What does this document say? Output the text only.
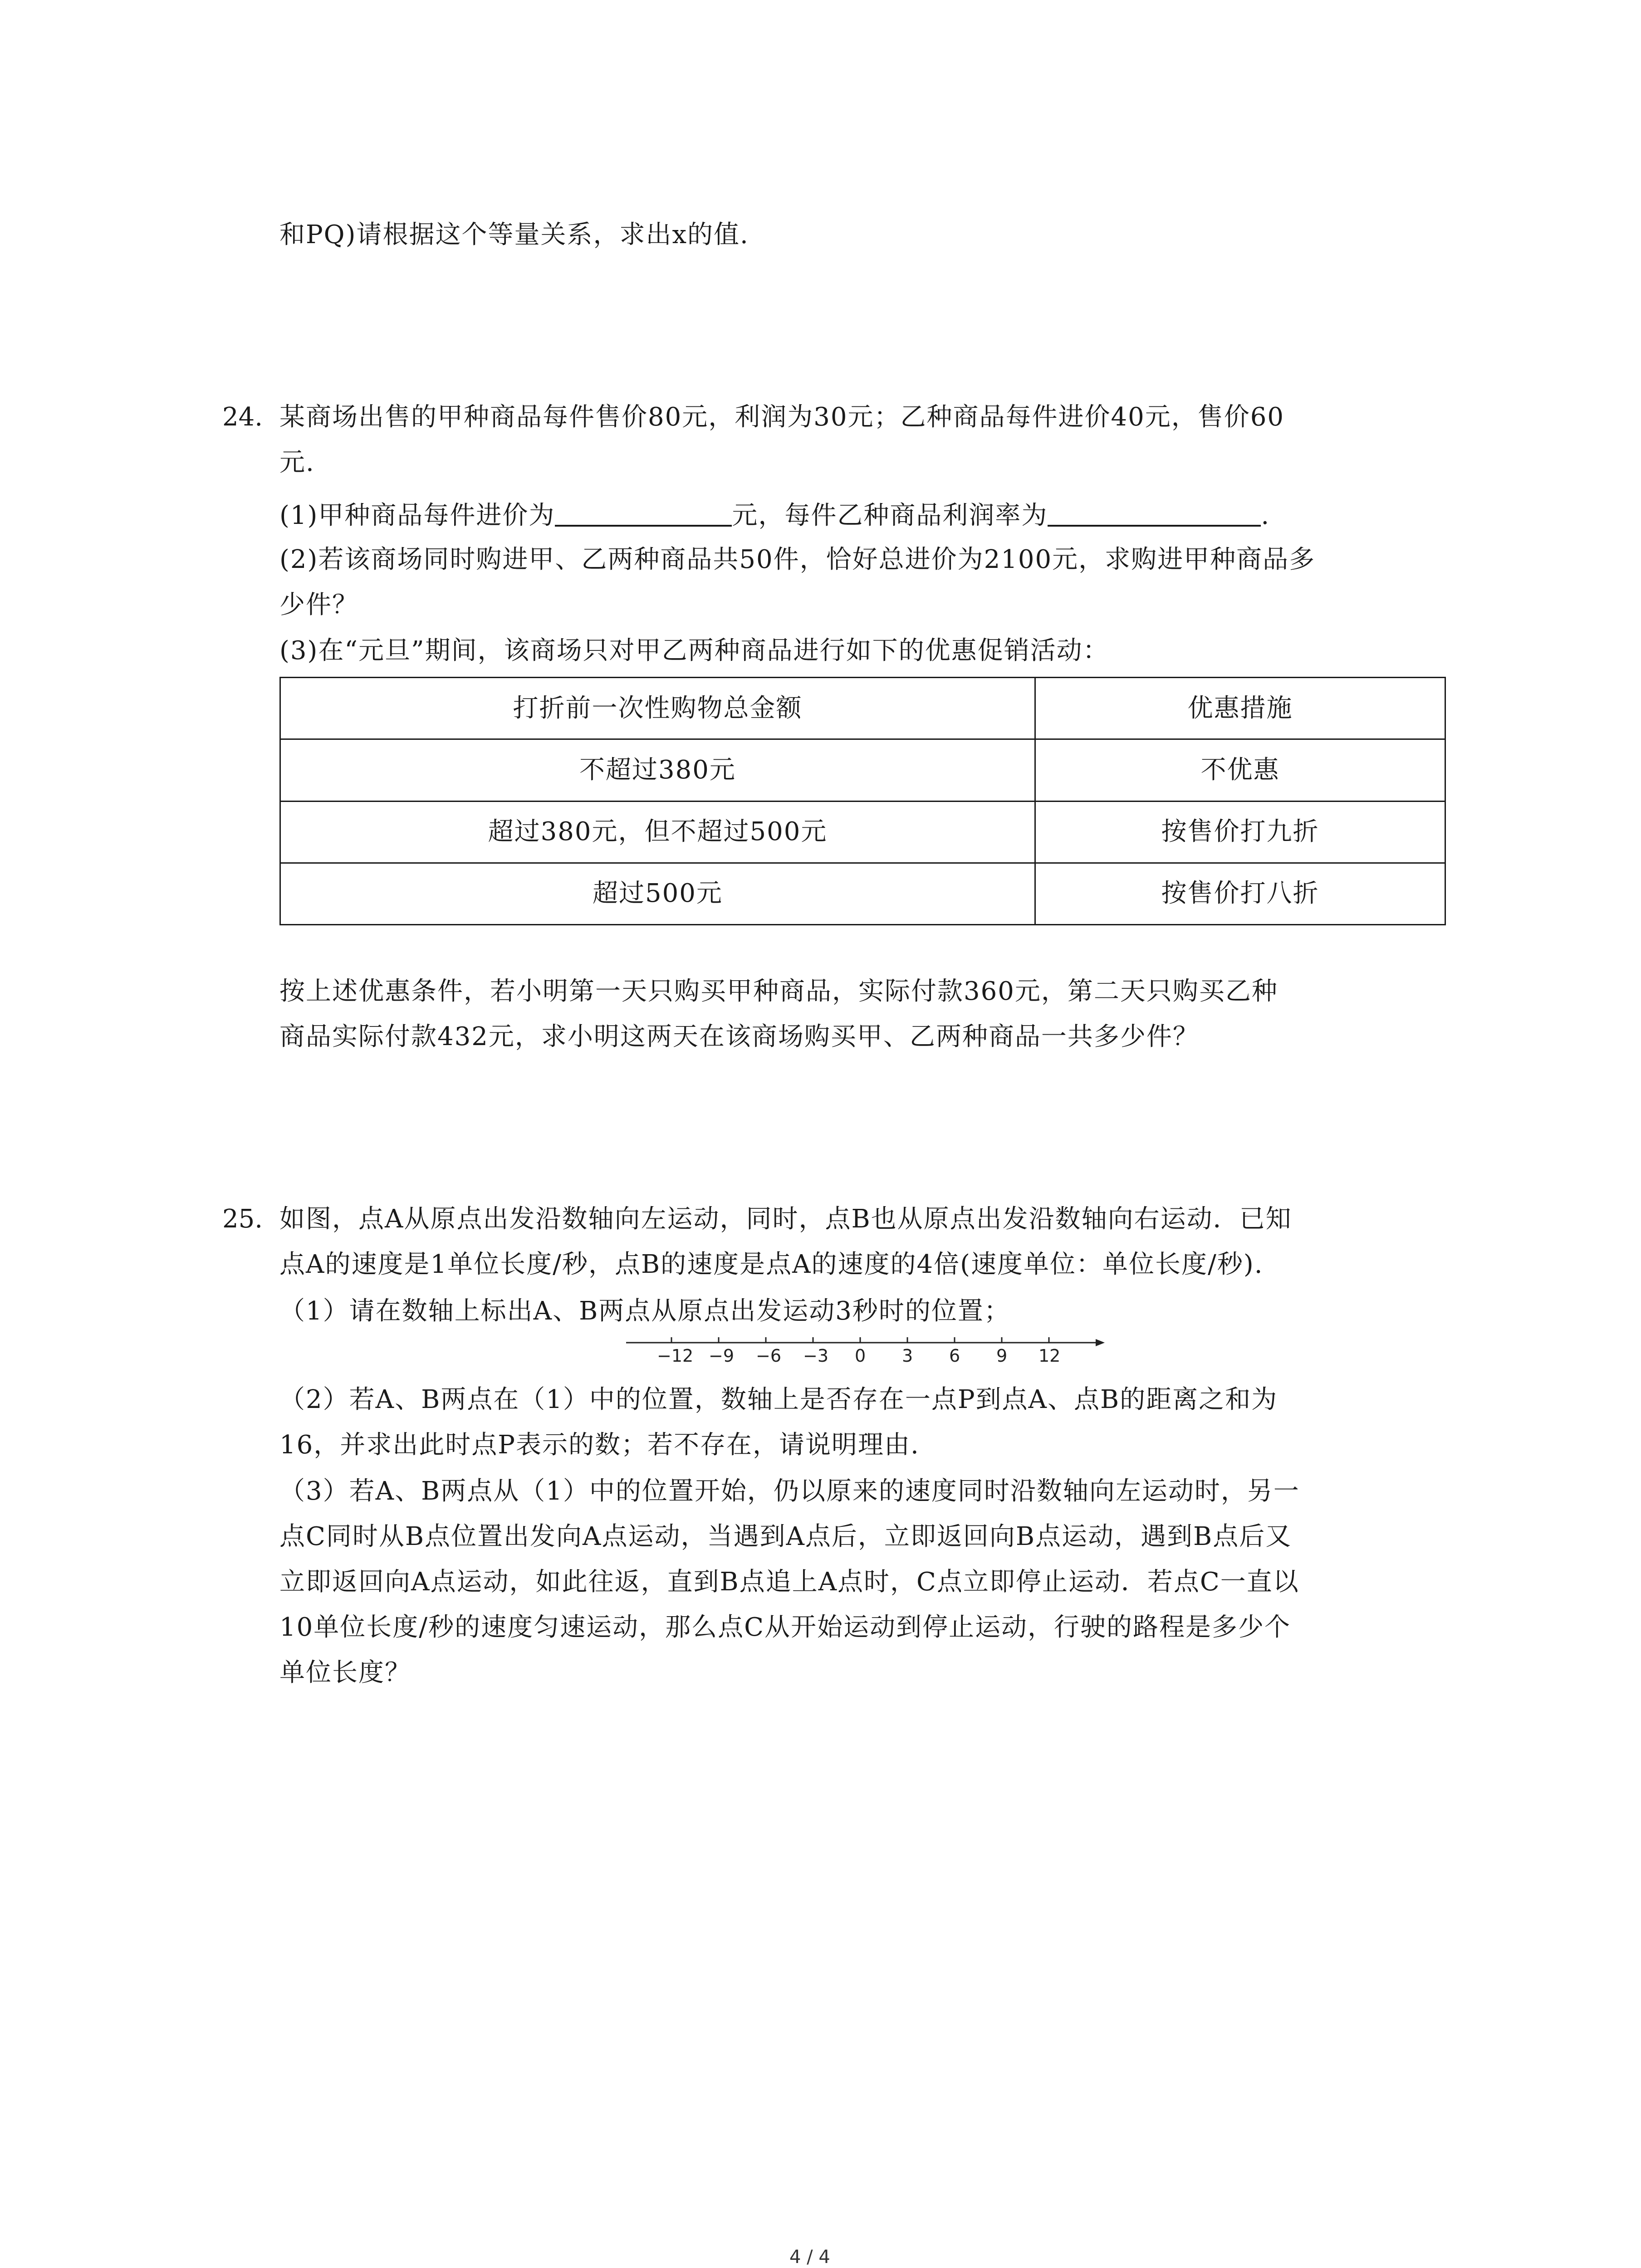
和PQ)请根据这个等量关系，求出x的值.
24. 某商场出售的甲种商品每件售价80元，利润为30元；乙种商品每件进价40元，售价60
元.
(1)甲种商品每件进价为	元，每件乙种商品利润率为	.
(2)若该商场同时购进甲、乙两种商品共50件，恰好总进价为2100元，求购进甲种商品多
少件？
(3)在“元旦”期间，该商场只对甲乙两种商品进行如下的优惠促销活动：
打折前一次性购物总金额	优惠措施
不超过380元	不优惠
超过380元，但不超过500元	按售价打九折
超过500元	按售价打八折
按上述优惠条件，若小明第一天只购买甲种商品，实际付款360元，第二天只购买乙种
商品实际付款432元，求小明这两天在该商场购买甲、乙两种商品一共多少件？
25. 如图，点A从原点出发沿数轴向左运动，同时，点B也从原点出发沿数轴向右运动．已知
点A的速度是1单位长度/秒，点B的速度是点A的速度的4倍(速度单位：单位长度/秒).
（1）请在数轴上标出A、B两点从原点出发运动3秒时的位置；
−12 −9 −6 −3 0 3 6 9 12
（2）若A、B两点在（1）中的位置，数轴上是否存在一点P到点A、点B的距离之和为
16，并求出此时点P表示的数；若不存在，请说明理由.
（3）若A、B两点从（1）中的位置开始，仍以原来的速度同时沿数轴向左运动时，另一
点C同时从B点位置出发向A点运动，当遇到A点后，立即返回向B点运动，遇到B点后又
立即返回向A点运动，如此往返，直到B点追上A点时，C点立即停止运动．若点C一直以
10单位长度/秒的速度匀速运动，那么点C从开始运动到停止运动，行驶的路程是多少个
单位长度？
4 / 4
